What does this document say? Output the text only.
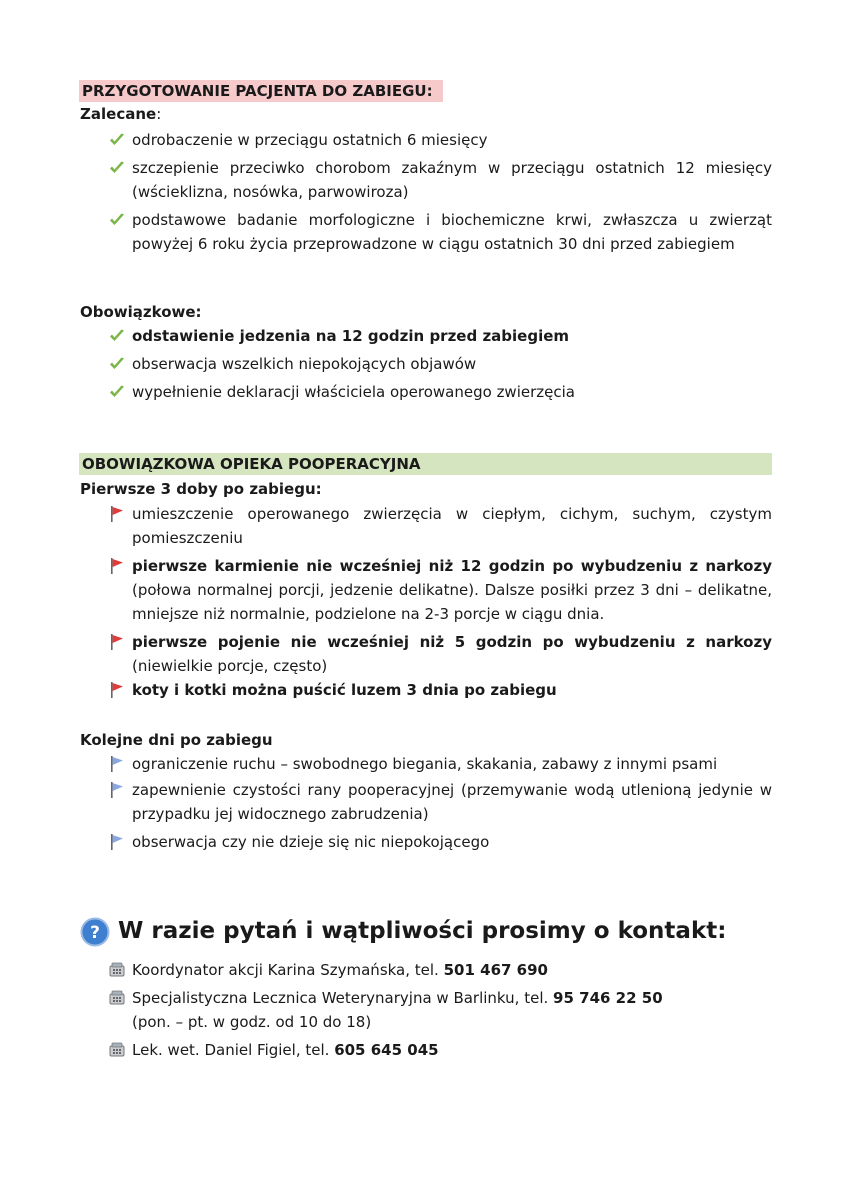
PRZYGOTOWANIE PACJENTA DO ZABIEGU:
Zalecane:
odrobaczenie w przeciągu ostatnich 6 miesięcy
szczepienie przeciwko chorobom zakaźnym w przeciągu ostatnich 12 miesięcy (wścieklizna, nosówka, parwowiroza)
podstawowe badanie morfologiczne i biochemiczne krwi, zwłaszcza u zwierząt powyżej 6 roku życia przeprowadzone w ciągu ostatnich 30 dni przed zabiegiem
Obowiązkowe:
odstawienie jedzenia na 12 godzin przed zabiegiem
obserwacja wszelkich niepokojących objawów
wypełnienie deklaracji właściciela operowanego zwierzęcia
OBOWIĄZKOWA OPIEKA POOPERACYJNA
Pierwsze 3 doby po zabiegu:
umieszczenie operowanego zwierzęcia w ciepłym, cichym, suchym, czystym pomieszczeniu
pierwsze karmienie nie wcześniej niż 12 godzin po wybudzeniu z narkozy (połowa normalnej porcji, jedzenie delikatne). Dalsze posiłki przez 3 dni – delikatne, mniejsze niż normalnie, podzielone na 2-3 porcje w ciągu dnia.
pierwsze pojenie nie wcześniej niż 5 godzin po wybudzeniu z narkozy (niewielkie porcje, często)
koty i kotki można puścić luzem 3 dnia po zabiegu
Kolejne dni po zabiegu
ograniczenie ruchu – swobodnego biegania, skakania, zabawy z innymi psami
zapewnienie czystości rany pooperacyjnej (przemywanie wodą utlenioną jedynie w przypadku jej widocznego zabrudzenia)
obserwacja czy nie dzieje się nic niepokojącego
? W razie pytań i wątpliwości prosimy o kontakt:
Koordynator akcji Karina Szymańska, tel. 501 467 690
Specjalistyczna Lecznica Weterynaryjna w Barlinku, tel. 95 746 22 50
(pon. – pt. w godz. od 10 do 18)
Lek. wet. Daniel Figiel, tel. 605 645 045
